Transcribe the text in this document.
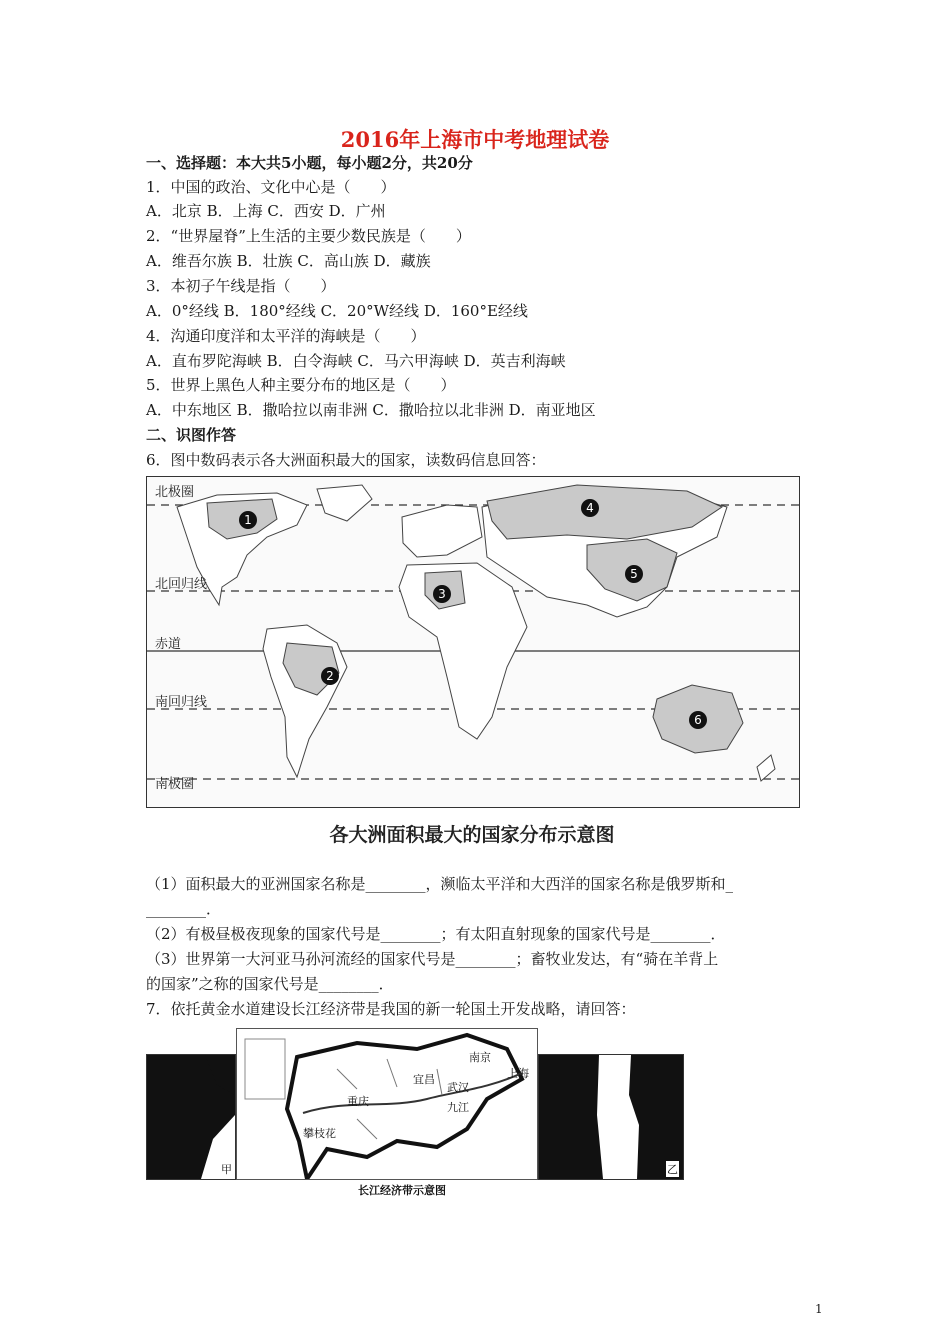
2016年上海市中考地理试卷
一、选择题：本大共5小题，每小题2分，共20分
1．中国的政治、文化中心是（　　）
A．北京 B．上海 C．西安 D．广州
2．“世界屋脊”上生活的主要少数民族是（　　）
A．维吾尔族 B．壮族 C．高山族 D．藏族
3．本初子午线是指（　　）
A．0°经线 B．180°经线 C．20°W经线 D．160°E经线
4．沟通印度洋和太平洋的海峡是（　　）
A．直布罗陀海峡 B．白令海峡 C．马六甲海峡 D．英吉利海峡
5．世界上黑色人种主要分布的地区是（　　）
A．中东地区 B．撒哈拉以南非洲 C．撒哈拉以北非洲 D．南亚地区
二、识图作答
6．图中数码表示各大洲面积最大的国家，读数码信息回答：
北极圈
北回归线
赤道
南回归线
南极圈
1
2
3
4
5
6
各大洲面积最大的国家分布示意图
（1）面积最大的亚洲国家名称是________，濒临太平洋和大西洋的国家名称是俄罗斯和_
________．
（2）有极昼极夜现象的国家代号是________；有太阳直射现象的国家代号是________．
（3）世界第一大河亚马孙河流经的国家代号是________；畜牧业发达，有“骑在羊背上
的国家”之称的国家代号是________．
7．依托黄金水道建设长江经济带是我国的新一轮国土开发战略，请回答：
甲
重庆
攀枝花
宜昌
武汉
南京
上海
九江
乙
长江经济带示意图
1
